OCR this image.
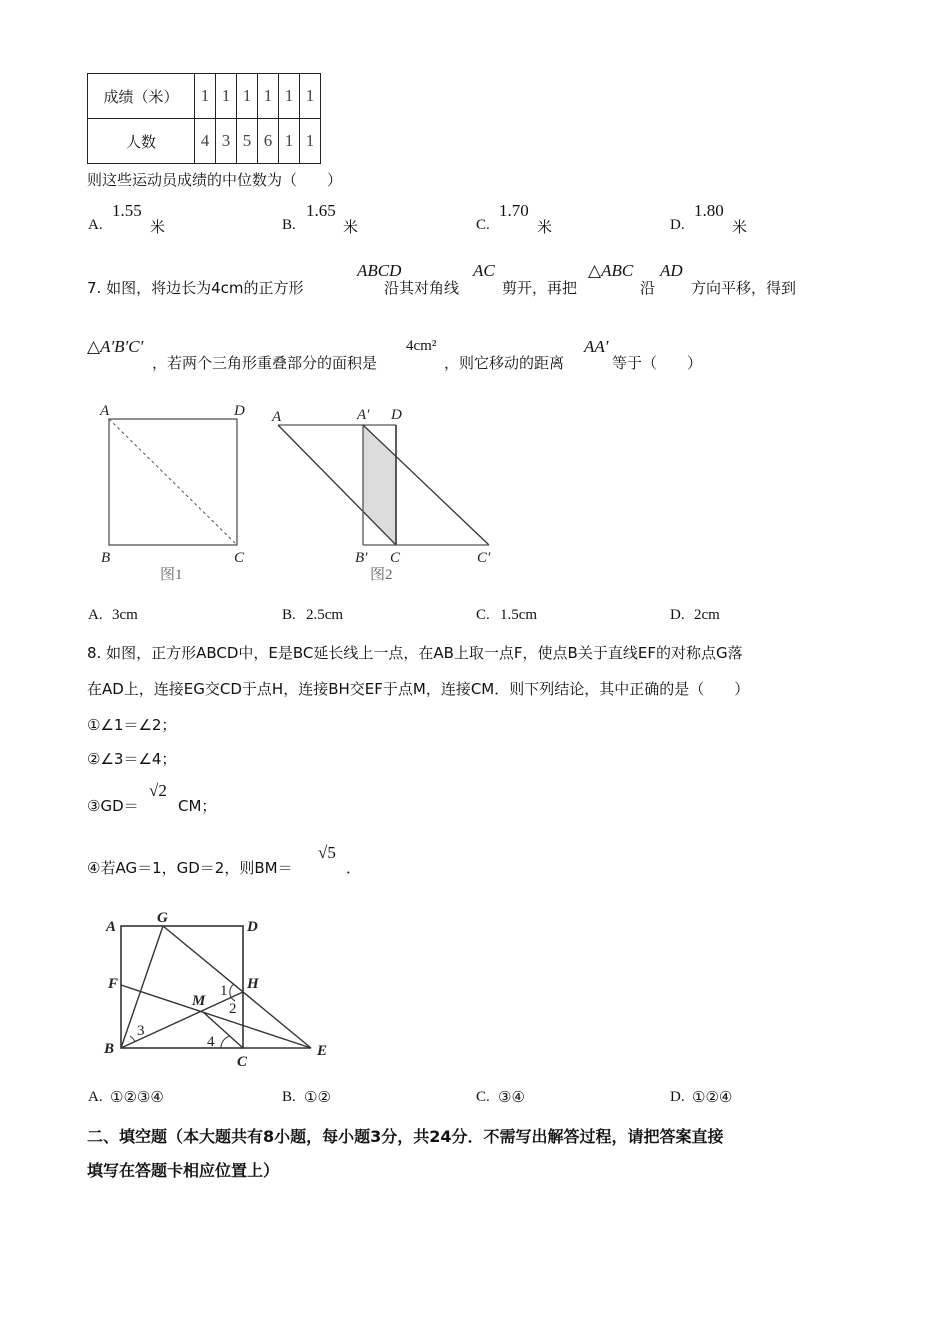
成绩（米）	1	1	1	1	1	1
人数	4	3	5	6	1	1
则这些运动员成绩的中位数为（　　）
A.
1.55
米	B.
1.65
米	C.
1.70
米	D.
1.80
米
7. 如图，将边长为4cm的正方形
ABCD
沿其对角线
AC
剪开，再把
△ABC
沿
AD
方向平移，得到
△A′B′C′
，若两个三角形重叠部分的面积是
4cm²
，则它移动的距离
AA′
等于（　　）
A	D
B	C
图1
A	A′ D
B′ C	C′
图2
A. 3cm	B. 2.5cm	C. 1.5cm	D. 2cm
8. 如图，正方形ABCD中，E是BC延长线上一点，在AB上取一点F，使点B关于直线EF的对称点G落
在AD上，连接EG交CD于点H，连接BH交EF于点M，连接CM．则下列结论，其中正确的是（　　）
①∠1＝∠2；
②∠3＝∠4；
③GD＝
√2
CM；
④若AG＝1，GD＝2，则BM＝
√5
．
A
G
D
F	H
M
1
2
3
4
B
C
E
A. ①②③④	B. ①②	C. ③④	D. ①②④
二、填空题（本大题共有8小题，每小题3分，共24分．不需写出解答过程，请把答案直接
填写在答题卡相应位置上）
